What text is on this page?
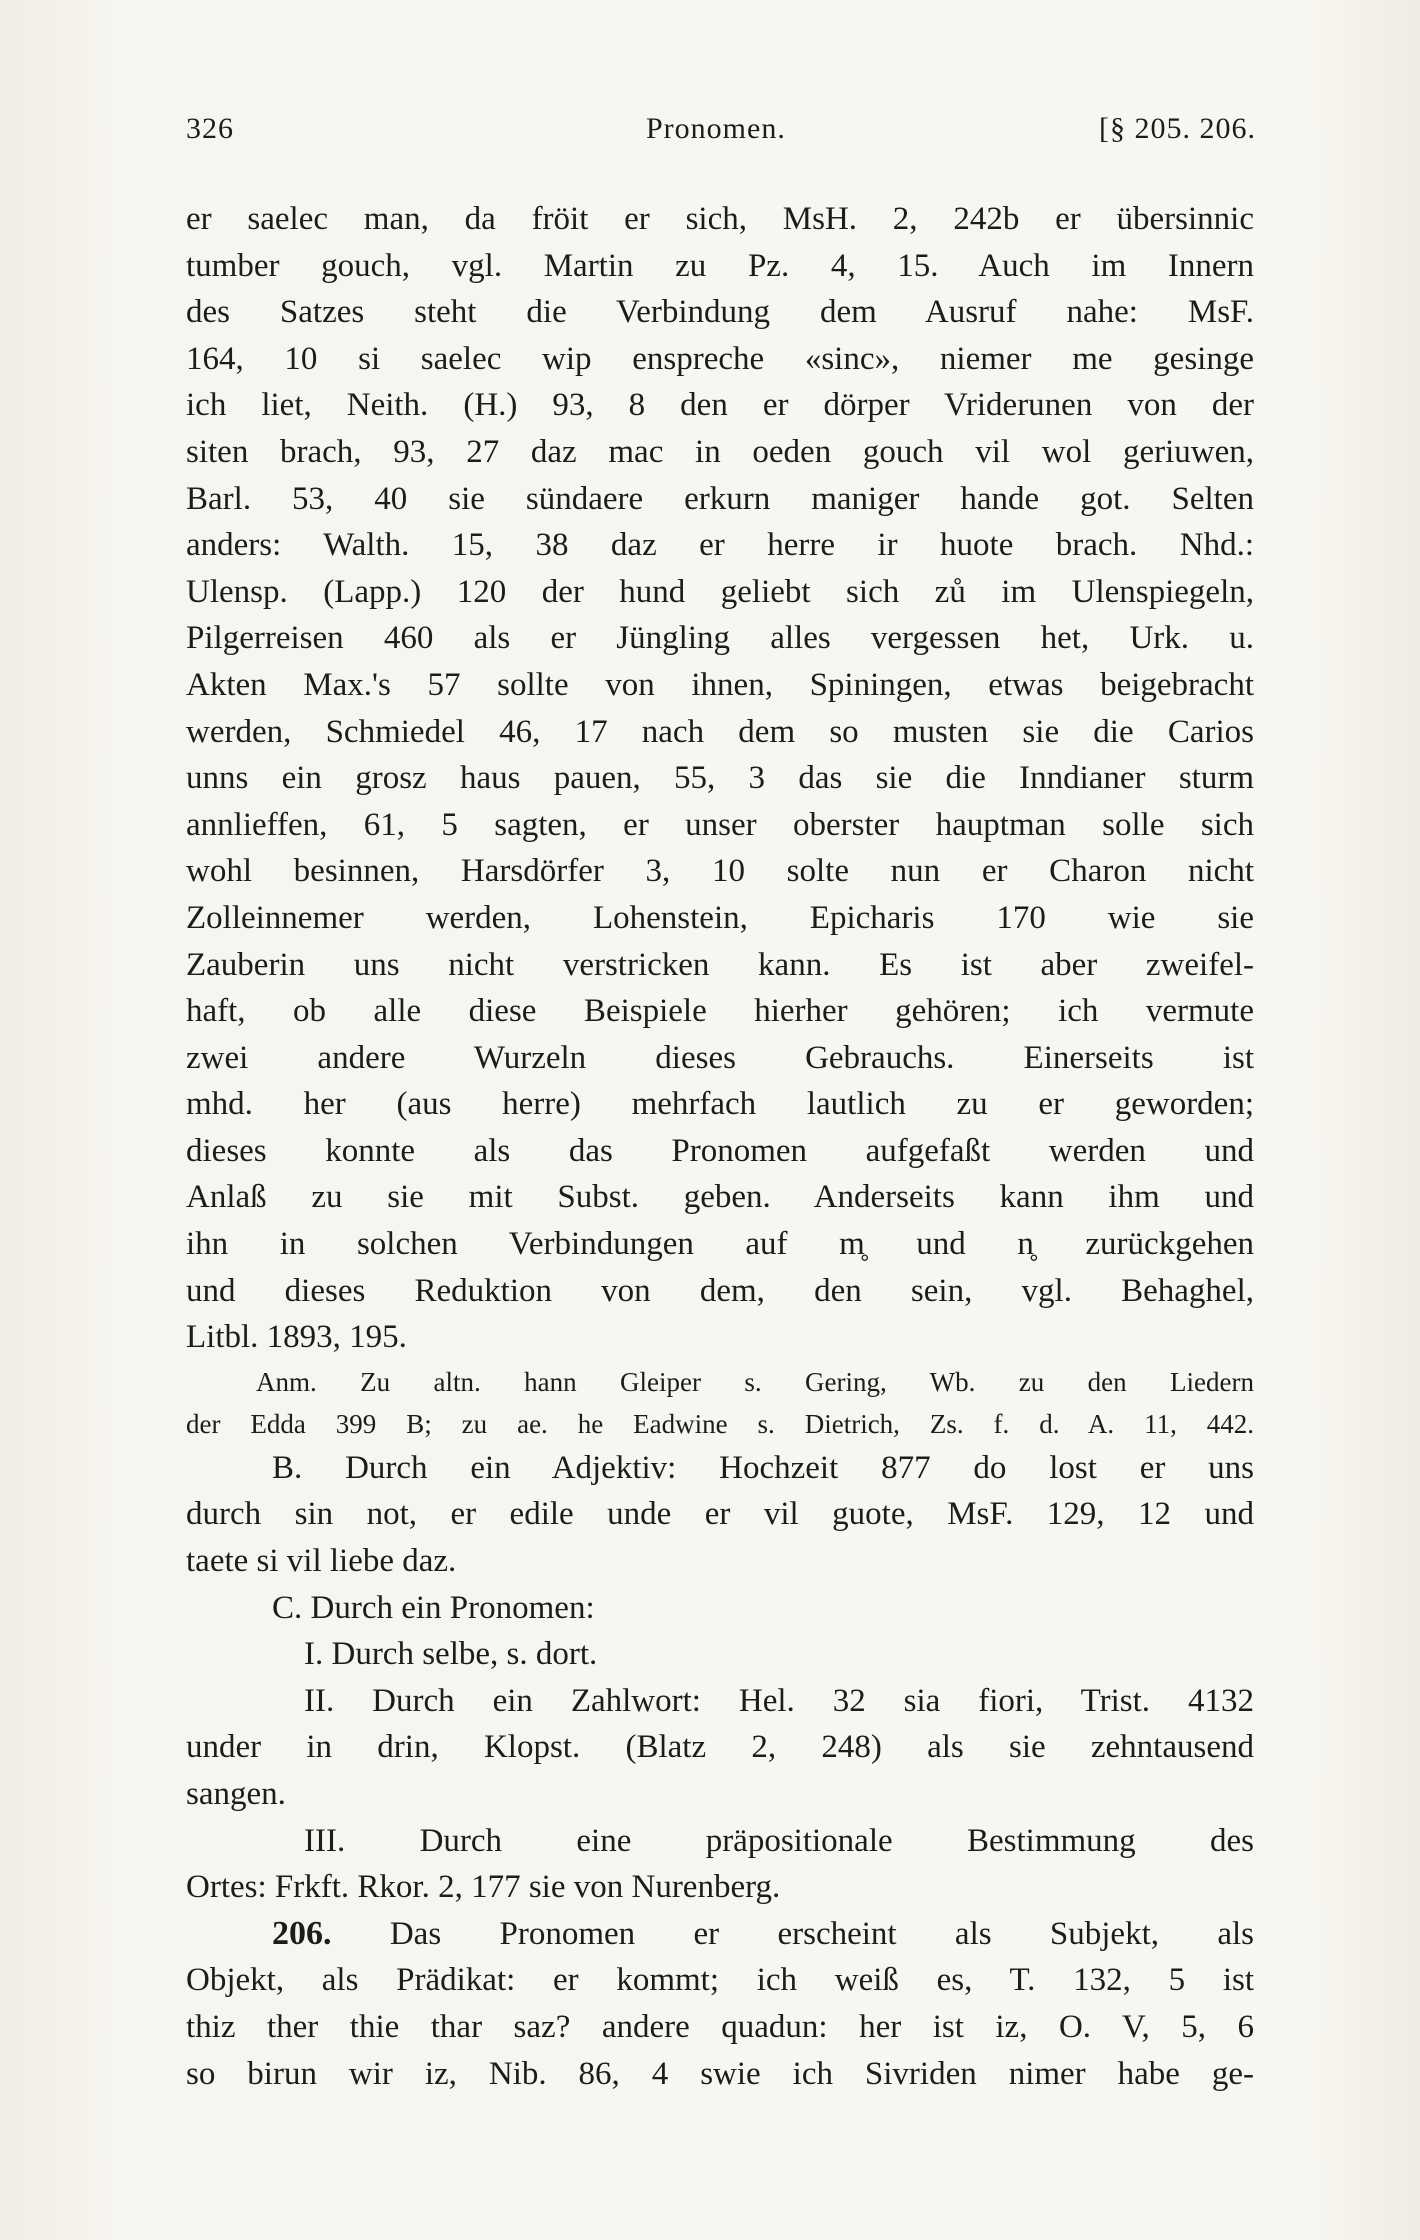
326	Pronomen.	[§ 205. 206.
er saelec man, da fröit er sich, MsH. 2, 242b er übersinnic
tumber gouch, vgl. Martin zu Pz. 4, 15. Auch im Innern
des Satzes steht die Verbindung dem Ausruf nahe: MsF.
164, 10 si saelec wip enspreche «sinc», niemer me gesinge
ich liet, Neith. (H.) 93, 8 den er dörper Vriderunen von der
siten brach, 93, 27 daz mac in oeden gouch vil wol geriuwen,
Barl. 53, 40 sie sündaere erkurn maniger hande got. Selten
anders: Walth. 15, 38 daz er herre ir huote brach. Nhd.:
Ulensp. (Lapp.) 120 der hund geliebt sich zů im Ulenspiegeln,
Pilgerreisen 460 als er Jüngling alles vergessen het, Urk. u.
Akten Max.'s 57 sollte von ihnen, Spiningen, etwas beigebracht
werden, Schmiedel 46, 17 nach dem so musten sie die Carios
unns ein grosz haus pauen, 55, 3 das sie die Inndianer sturm
annlieffen, 61, 5 sagten, er unser oberster hauptman solle sich
wohl besinnen, Harsdörfer 3, 10 solte nun er Charon nicht
Zolleinnemer werden, Lohenstein, Epicharis 170 wie sie
Zauberin uns nicht verstricken kann. Es ist aber zweifel-
haft, ob alle diese Beispiele hierher gehören; ich vermute
zwei andere Wurzeln dieses Gebrauchs. Einerseits ist
mhd. her (aus herre) mehrfach lautlich zu er geworden;
dieses konnte als das Pronomen aufgefaßt werden und
Anlaß zu sie mit Subst. geben. Anderseits kann ihm und
ihn in solchen Verbindungen auf m̥ und n̥ zurückgehen
und dieses Reduktion von dem, den sein, vgl. Behaghel,
Litbl. 1893, 195.
Anm. Zu altn. hann Gleiper s. Gering, Wb. zu den Liedern
der Edda 399 B; zu ae. he Eadwine s. Dietrich, Zs. f. d. A. 11, 442.
B. Durch ein Adjektiv: Hochzeit 877 do lost er uns
durch sin not, er edile unde er vil guote, MsF. 129, 12 und
taete si vil liebe daz.
C. Durch ein Pronomen:
I. Durch selbe, s. dort.
II. Durch ein Zahlwort: Hel. 32 sia fiori, Trist. 4132
under in drin, Klopst. (Blatz 2, 248) als sie zehntausend
sangen.
III. Durch eine präpositionale Bestimmung des
Ortes: Frkft. Rkor. 2, 177 sie von Nurenberg.
206. Das Pronomen er erscheint als Subjekt, als
Objekt, als Prädikat: er kommt; ich weiß es, T. 132, 5 ist
thiz ther thie thar saz? andere quadun: her ist iz, O. V, 5, 6
so birun wir iz, Nib. 86, 4 swie ich Sivriden nimer habe ge-
